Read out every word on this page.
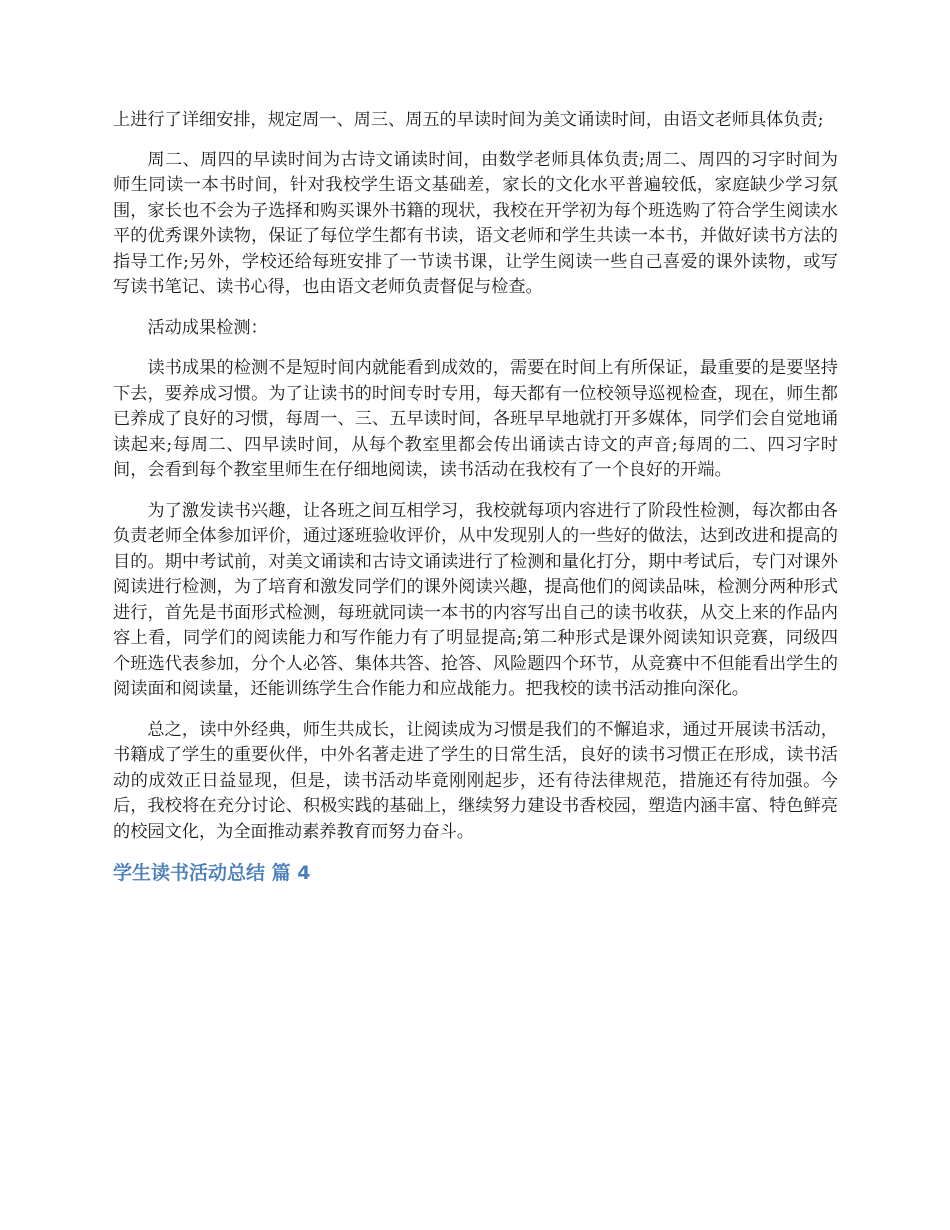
上进行了详细安排，规定周一、周三、周五的早读时间为美文诵读时间，由语文老师具体负责;

周二、周四的早读时间为古诗文诵读时间，由数学老师具体负责;周二、周四的习字时间为师生同读一本书时间，针对我校学生语文基础差，家长的文化水平普遍较低，家庭缺少学习氛围，家长也不会为子选择和购买课外书籍的现状，我校在开学初为每个班选购了符合学生阅读水平的优秀课外读物，保证了每位学生都有书读，语文老师和学生共读一本书，并做好读书方法的指导工作;另外，学校还给每班安排了一节读书课，让学生阅读一些自己喜爱的课外读物，或写写读书笔记、读书心得，也由语文老师负责督促与检查。

活动成果检测：

读书成果的检测不是短时间内就能看到成效的，需要在时间上有所保证，最重要的是要坚持下去，要养成习惯。为了让读书的时间专时专用，每天都有一位校领导巡视检查，现在，师生都已养成了良好的习惯，每周一、三、五早读时间，各班早早地就打开多媒体，同学们会自觉地诵读起来;每周二、四早读时间，从每个教室里都会传出诵读古诗文的声音;每周的二、四习字时间，会看到每个教室里师生在仔细地阅读，读书活动在我校有了一个良好的开端。

为了激发读书兴趣，让各班之间互相学习，我校就每项内容进行了阶段性检测，每次都由各负责老师全体参加评价，通过逐班验收评价，从中发现别人的一些好的做法，达到改进和提高的目的。期中考试前，对美文诵读和古诗文诵读进行了检测和量化打分，期中考试后，专门对课外阅读进行检测，为了培育和激发同学们的课外阅读兴趣，提高他们的阅读品味，检测分两种形式进行，首先是书面形式检测，每班就同读一本书的内容写出自己的读书收获，从交上来的作品内容上看，同学们的阅读能力和写作能力有了明显提高;第二种形式是课外阅读知识竞赛，同级四个班选代表参加，分个人必答、集体共答、抢答、风险题四个环节，从竞赛中不但能看出学生的阅读面和阅读量，还能训练学生合作能力和应战能力。把我校的读书活动推向深化。

总之，读中外经典，师生共成长，让阅读成为习惯是我们的不懈追求，通过开展读书活动，书籍成了学生的重要伙伴，中外名著走进了学生的日常生活，良好的读书习惯正在形成，读书活动的成效正日益显现，但是，读书活动毕竟刚刚起步，还有待法律规范，措施还有待加强。今后，我校将在充分讨论、积极实践的基础上，继续努力建设书香校园，塑造内涵丰富、特色鲜亮的校园文化，为全面推动素养教育而努力奋斗。

学生读书活动总结 篇 4
